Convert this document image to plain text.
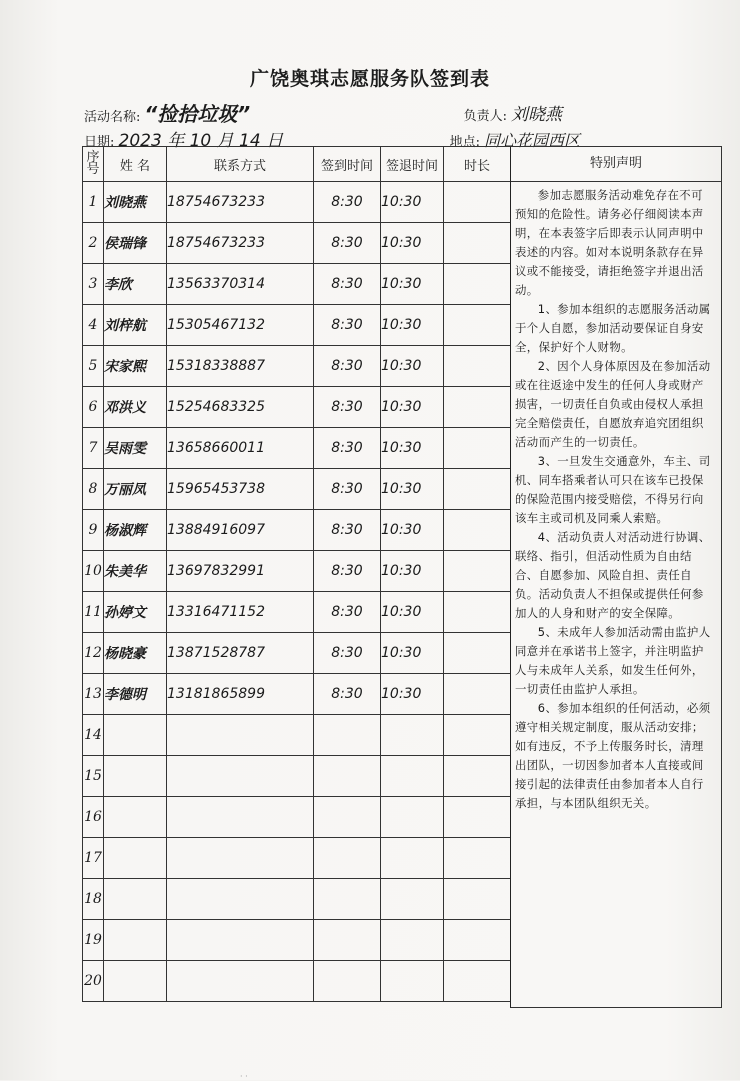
广饶奥琪志愿服务队签到表
活动名称: “捡拾垃圾”	负责人: 刘晓燕
日期: 2023 年 10 月 14 日	地点: 同心花园西区
序号	姓 名	联系方式	签到时间	签退时间	时长
1	刘晓燕	18754673233	8:30	10:30	
2	侯瑞锋	18754673233	8:30	10:30	
3	李欣	13563370314	8:30	10:30	
4	刘梓航	15305467132	8:30	10:30	
5	宋家熙	15318338887	8:30	10:30	
6	邓洪义	15254683325	8:30	10:30	
7	吴雨雯	13658660011	8:30	10:30	
8	万丽凤	15965453738	8:30	10:30	
9	杨淑辉	13884916097	8:30	10:30	
10	朱美华	13697832991	8:30	10:30	
11	孙婷文	13316471152	8:30	10:30	
12	杨晓豪	13871528787	8:30	10:30	
13	李德明	13181865899	8:30	10:30	
14					
15					
16					
17					
18					
19					
20					
特别声明

参加志愿服务活动难免存在不可预知的危险性。请务必仔细阅读本声明，在本表签字后即表示认同声明中表述的内容。如对本说明条款存在异议或不能接受，请拒绝签字并退出活动。

1、参加本组织的志愿服务活动属于个人自愿，参加活动要保证自身安全，保护好个人财物。

2、因个人身体原因及在参加活动或在往返途中发生的任何人身或财产损害，一切责任自负或由侵权人承担完全赔偿责任，自愿放弃追究团组织活动而产生的一切责任。

3、一旦发生交通意外，车主、司机、同车搭乘者认可只在该车已投保的保险范围内接受赔偿，不得另行向该车主或司机及同乘人索赔。

4、活动负责人对活动进行协调、联络、指引，但活动性质为自由结合、自愿参加、风险自担、责任自负。活动负责人不担保或提供任何参加人的人身和财产的安全保障。

5、未成年人参加活动需由监护人同意并在承诺书上签字，并注明监护人与未成年人关系，如发生任何外，一切责任由监护人承担。

6、参加本组织的任何活动，必须遵守相关规定制度，服从活动安排；如有违反，不予上传服务时长，清理出团队，一切因参加者本人直接或间接引起的法律责任由参加者本人自行承担，与本团队组织无关。

· ·
